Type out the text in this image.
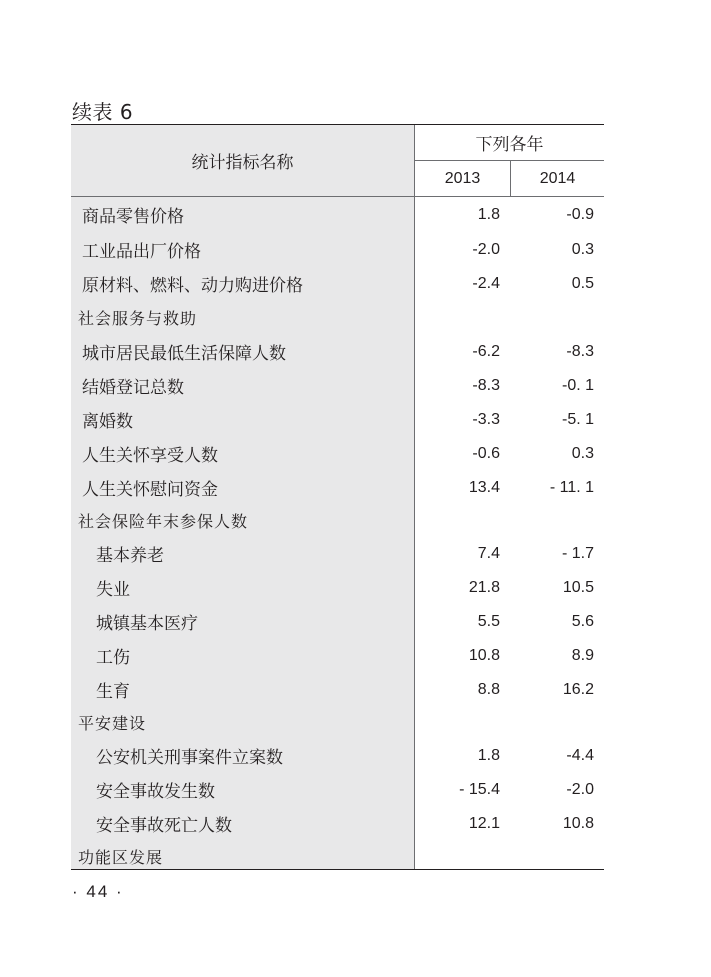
续表 6
统计指标名称
下列各年
2013	2014
商品零售价格	1.8	-0.9
工业品出厂价格	-2.0	0.3
原材料、燃料、动力购进价格	-2.4	0.5
社会服务与救助
城市居民最低生活保障人数	-6.2	-8.3
结婚登记总数	-8.3	-0. 1
离婚数	-3.3	-5. 1
人生关怀享受人数	-0.6	0.3
人生关怀慰问资金	13.4	- 11. 1
社会保险年末参保人数
基本养老	7.4	- 1.7
失业	21.8	10.5
城镇基本医疗	5.5	5.6
工伤	10.8	8.9
生育	8.8	16.2
平安建设
公安机关刑事案件立案数	1.8	-4.4
安全事故发生数	- 15.4	-2.0
安全事故死亡人数	12.1	10.8
功能区发展
· 44 ·
